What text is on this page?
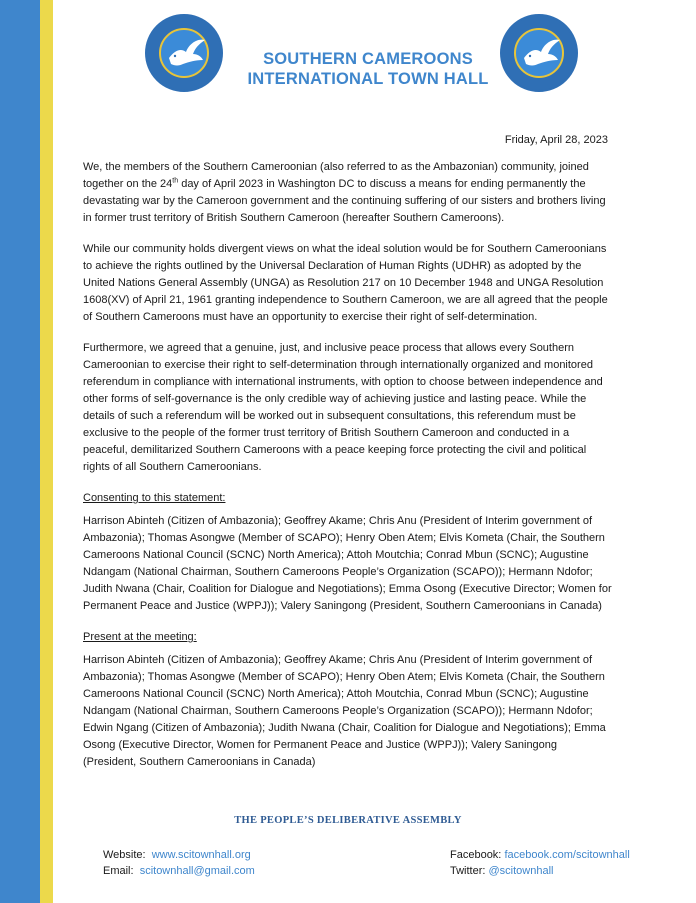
SOUTHERN CAMEROONS
INTERNATIONAL TOWN HALL
Friday, April 28, 2023

We, the members of the Southern Cameroonian (also referred to as the Ambazonian) community, joined together on the 24th day of April 2023 in Washington DC to discuss a means for ending permanently the devastating war by the Cameroon government and the continuing suffering of our sisters and brothers living in former trust territory of British Southern Cameroon (hereafter Southern Cameroons).

While our community holds divergent views on what the ideal solution would be for Southern Cameroonians to achieve the rights outlined by the Universal Declaration of Human Rights (UDHR) as adopted by the United Nations General Assembly (UNGA) as Resolution 217 on 10 December 1948 and UNGA Resolution 1608(XV) of April 21, 1961 granting independence to Southern Cameroon, we are all agreed that the people of Southern Cameroons must have an opportunity to exercise their right of self-determination.

Furthermore, we agreed that a genuine, just, and inclusive peace process that allows every Southern Cameroonian to exercise their right to self-determination through internationally organized and monitored referendum in compliance with international instruments, with option to choose between independence and other forms of self-governance is the only credible way of achieving justice and lasting peace. While the details of such a referendum will be worked out in subsequent consultations, this referendum must be exclusive to the people of the former trust territory of British Southern Cameroon and conducted in a peaceful, demilitarized Southern Cameroons with a peace keeping force protecting the civil and political rights of all Southern Cameroonians.

Consenting to this statement:

Harrison Abinteh (Citizen of Ambazonia); Geoffrey Akame; Chris Anu (President of Interim government of Ambazonia); Thomas Asongwe (Member of SCAPO); Henry Oben Atem; Elvis Kometa (Chair, the Southern Cameroons National Council (SCNC) North America); Attoh Moutchia; Conrad Mbun (SCNC); Augustine Ndangam (National Chairman, Southern Cameroons People’s Organization (SCAPO)); Hermann Ndofor; Judith Nwana (Chair, Coalition for Dialogue and Negotiations); Emma Osong (Executive Director; Women for Permanent Peace and Justice (WPPJ)); Valery Saningong (President, Southern Cameroonians in Canada)

Present at the meeting:

Harrison Abinteh (Citizen of Ambazonia); Geoffrey Akame; Chris Anu (President of Interim government of Ambazonia); Thomas Asongwe (Member of SCAPO); Henry Oben Atem; Elvis Kometa (Chair, the Southern Cameroons National Council (SCNC) North America); Attoh Moutchia, Conrad Mbun (SCNC); Augustine Ndangam (National Chairman, Southern Cameroons People’s Organization (SCAPO)); Hermann Ndofor; Edwin Ngang (Citizen of Ambazonia); Judith Nwana (Chair, Coalition for Dialogue and Negotiations); Emma Osong (Executive Director, Women for Permanent Peace and Justice (WPPJ)); Valery Saningong (President, Southern Cameroonians in Canada)

THE PEOPLE’S DELIBERATIVE ASSEMBLY
Website: www.scitownhall.org
Email: scitownhall@gmail.com
Facebook: facebook.com/scitownhall
Twitter: @scitownhall
